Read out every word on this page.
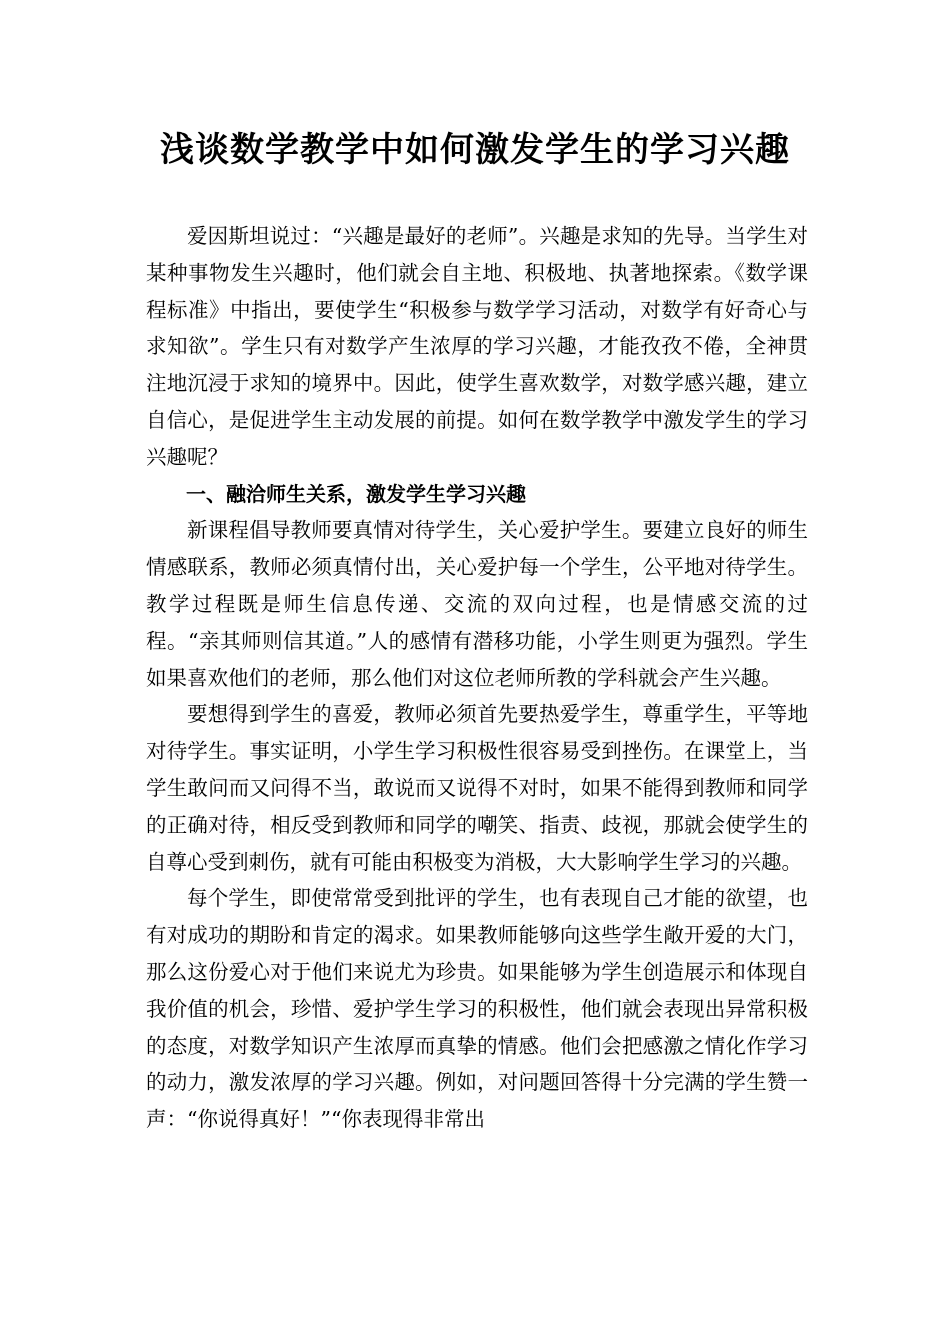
浅谈数学教学中如何激发学生的学习兴趣

爱因斯坦说过：“兴趣是最好的老师”。兴趣是求知的先导。当学生对某种事物发生兴趣时，他们就会自主地、积极地、执著地探索。《数学课程标准》中指出，要使学生“积极参与数学学习活动，对数学有好奇心与求知欲”。学生只有对数学产生浓厚的学习兴趣，才能孜孜不倦，全神贯注地沉浸于求知的境界中。因此，使学生喜欢数学，对数学感兴趣，建立自信心，是促进学生主动发展的前提。如何在数学教学中激发学生的学习兴趣呢？

一、融洽师生关系，激发学生学习兴趣

新课程倡导教师要真情对待学生，关心爱护学生。要建立良好的师生情感联系，教师必须真情付出，关心爱护每一个学生，公平地对待学生。教学过程既是师生信息传递、交流的双向过程，也是情感交流的过程。“亲其师则信其道。”人的感情有潜移功能，小学生则更为强烈。学生如果喜欢他们的老师，那么他们对这位老师所教的学科就会产生兴趣。

要想得到学生的喜爱，教师必须首先要热爱学生，尊重学生，平等地对待学生。事实证明，小学生学习积极性很容易受到挫伤。在课堂上，当学生敢问而又问得不当，敢说而又说得不对时，如果不能得到教师和同学的正确对待，相反受到教师和同学的嘲笑、指责、歧视，那就会使学生的自尊心受到刺伤，就有可能由积极变为消极，大大影响学生学习的兴趣。

每个学生，即使常常受到批评的学生，也有表现自己才能的欲望，也有对成功的期盼和肯定的渴求。如果教师能够向这些学生敞开爱的大门，那么这份爱心对于他们来说尤为珍贵。如果能够为学生创造展示和体现自我价值的机会，珍惜、爱护学生学习的积极性，他们就会表现出异常积极的态度，对数学知识产生浓厚而真挚的情感。他们会把感激之情化作学习的动力，激发浓厚的学习兴趣。例如，对问题回答得十分完满的学生赞一声：“你说得真好！”“你表现得非常出
